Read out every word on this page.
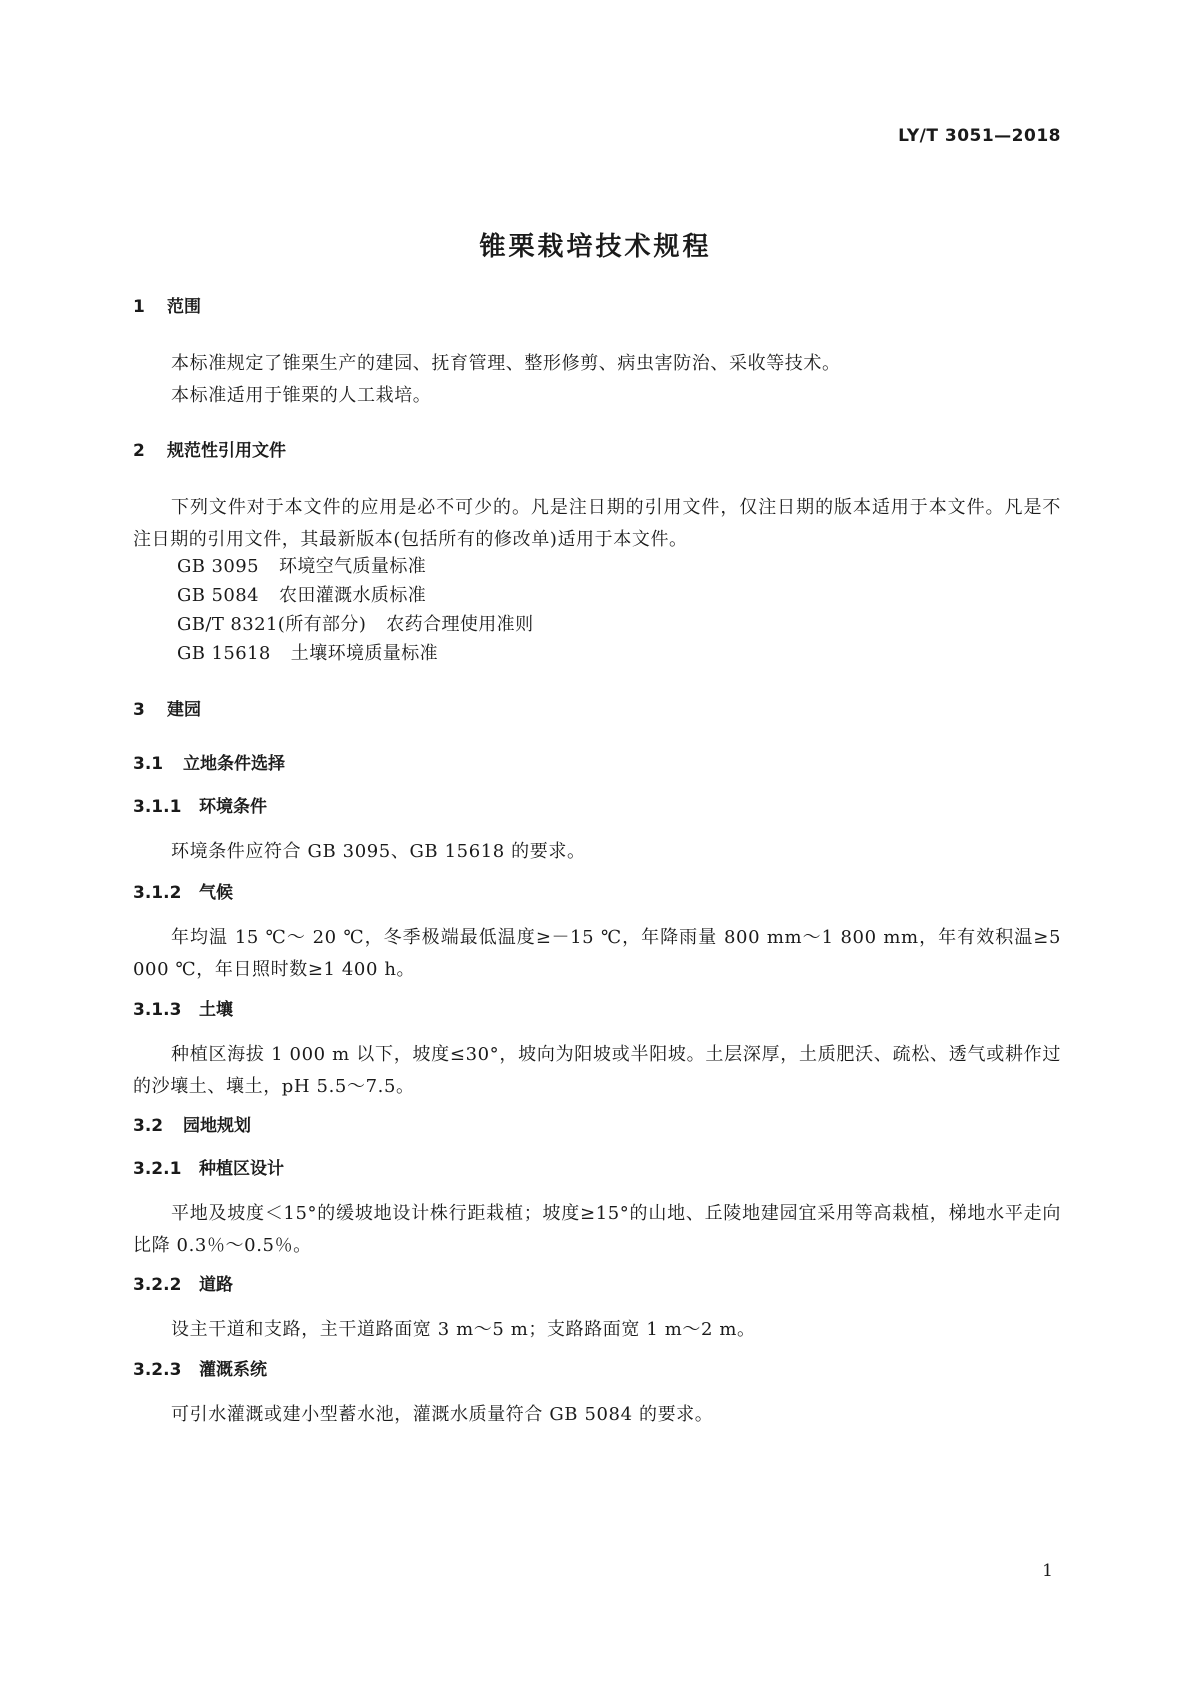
LY/T 3051—2018
锥栗栽培技术规程
1 范围

本标准规定了锥栗生产的建园、抚育管理、整形修剪、病虫害防治、采收等技术。

本标准适用于锥栗的人工栽培。

2 规范性引用文件

下列文件对于本文件的应用是必不可少的。凡是注日期的引用文件，仅注日期的版本适用于本文件。凡是不注日期的引用文件，其最新版本(包括所有的修改单)适用于本文件。

GB 3095 环境空气质量标准
GB 5084 农田灌溉水质标准
GB/T 8321(所有部分) 农药合理使用准则
GB 15618 土壤环境质量标准
3 建园
3.1 立地条件选择
3.1.1 环境条件

环境条件应符合 GB 3095、GB 15618 的要求。

3.1.2 气候

年均温 15 ℃～ 20 ℃，冬季极端最低温度≥－15 ℃，年降雨量 800 mm～1 800 mm，年有效积温≥5 000 ℃，年日照时数≥1 400 h。

3.1.3 土壤

种植区海拔 1 000 m 以下，坡度≤30°，坡向为阳坡或半阳坡。土层深厚，土质肥沃、疏松、透气或耕作过的沙壤土、壤土，pH 5.5～7.5。

3.2 园地规划
3.2.1 种植区设计

平地及坡度＜15°的缓坡地设计株行距栽植；坡度≥15°的山地、丘陵地建园宜采用等高栽植，梯地水平走向比降 0.3％～0.5％。

3.2.2 道路

设主干道和支路，主干道路面宽 3 m～5 m；支路路面宽 1 m～2 m。

3.2.3 灌溉系统

可引水灌溉或建小型蓄水池，灌溉水质量符合 GB 5084 的要求。

1
